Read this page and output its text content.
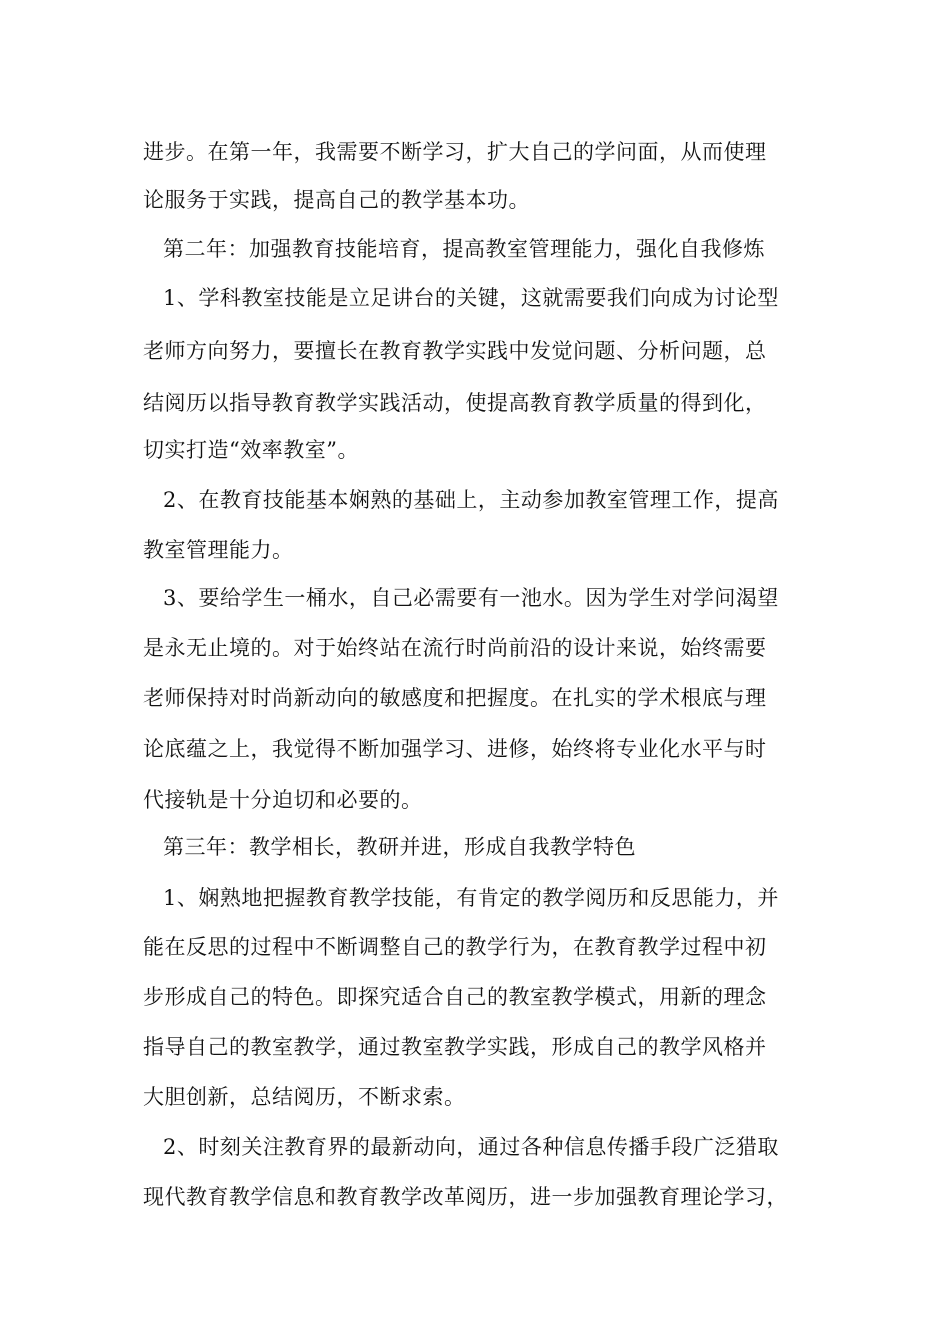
进步。在第一年，我需要不断学习，扩大自己的学问面，从而使理
论服务于实践，提高自己的教学基本功。
第二年：加强教育技能培育，提高教室管理能力，强化自我修炼
1、学科教室技能是立足讲台的关键，这就需要我们向成为讨论型
老师方向努力，要擅长在教育教学实践中发觉问题、分析问题，总
结阅历以指导教育教学实践活动，使提高教育教学质量的得到化，
切实打造“效率教室”。
2、在教育技能基本娴熟的基础上，主动参加教室管理工作，提高
教室管理能力。
3、要给学生一桶水，自己必需要有一池水。因为学生对学问渴望
是永无止境的。对于始终站在流行时尚前沿的设计来说，始终需要
老师保持对时尚新动向的敏感度和把握度。在扎实的学术根底与理
论底蕴之上，我觉得不断加强学习、进修，始终将专业化水平与时
代接轨是十分迫切和必要的。
第三年：教学相长，教研并进，形成自我教学特色
1、娴熟地把握教育教学技能，有肯定的教学阅历和反思能力，并
能在反思的过程中不断调整自己的教学行为，在教育教学过程中初
步形成自己的特色。即探究适合自己的教室教学模式，用新的理念
指导自己的教室教学，通过教室教学实践，形成自己的教学风格并
大胆创新，总结阅历，不断求索。
2、时刻关注教育界的最新动向，通过各种信息传播手段广泛猎取
现代教育教学信息和教育教学改革阅历，进一步加强教育理论学习，
